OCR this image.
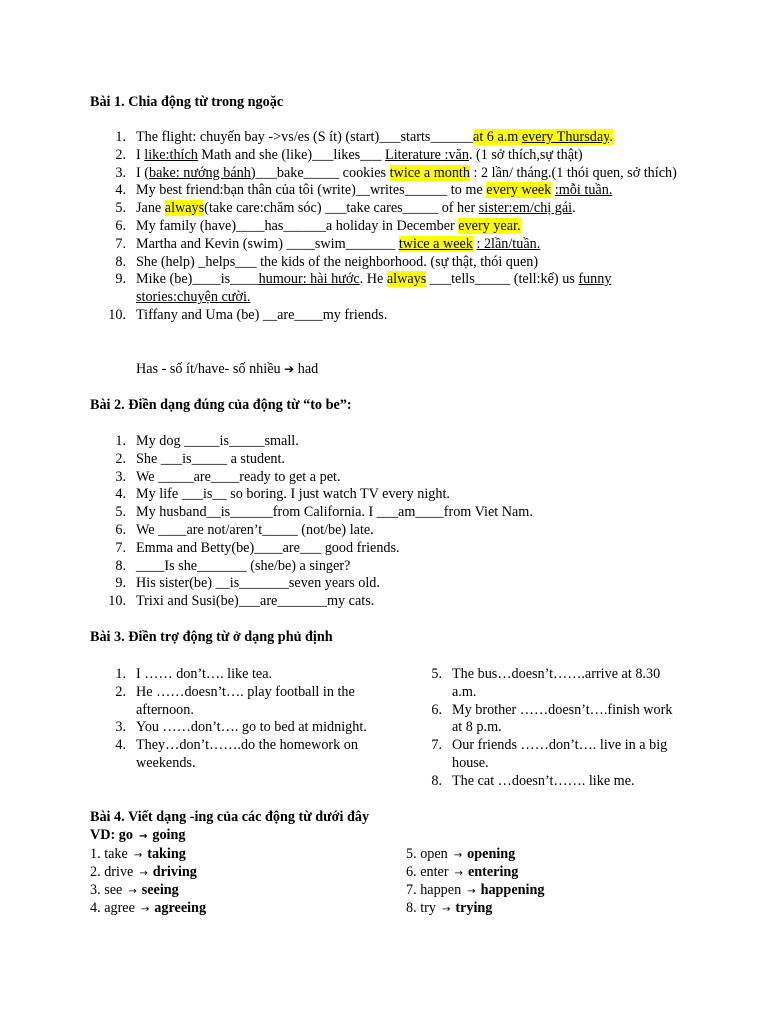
Bài 1. Chia động từ trong ngoặc
1. The flight: chuyến bay ->vs/es (S ít) (start)___starts______at 6 a.m every Thursday.
2. I like:thích Math and she (like)___likes___ Literature :văn. (1 sở thích,sự thật)
3. I (bake: nướng bánh)___bake_____ cookies twice a month : 2 lần/ tháng.(1 thói quen, sở thích)
4. My best friend:bạn thân của tôi (write)__writes______ to me every week :mỗi tuần.
5. Jane always(take care:chăm sóc) ___take cares_____ of her sister:em/chị gái.
6. My family (have)____has______a holiday in December every year.
7. Martha and Kevin (swim) ____swim_______ twice a week : 2lần/tuần.
8. She (help) _helps___ the kids of the neighborhood. (sự thật, thói quen)
9. Mike (be)____is____humour: hài hước. He always ___tells_____ (tell:kể) us funny stories:chuyện cười.
10. Tiffany and Uma (be) __are____my friends.
Has - số ít/have- số nhiều ➔ had
Bài 2. Điền dạng đúng của động từ “to be”:
1. My dog _____is_____small.
2. She ___is_____ a student.
3. We _____are____ready to get a pet.
4. My life ___is__ so boring. I just watch TV every night.
5. My husband__is______from California. I ___am____from Viet Nam.
6. We ____are not/aren’t_____ (not/be) late.
7. Emma and Betty(be)____are___ good friends.
8. ____Is she_______ (she/be) a singer?
9. His sister(be) __is_______seven years old.
10. Trixi and Susi(be)___are_______my cats.
Bài 3. Điền trợ động từ ở dạng phủ định
1. I …… don’t…. like tea.
2. He ……doesn’t…. play football in the afternoon.
3. You ……don’t…. go to bed at midnight.
4. They…don’t…….do the homework on weekends.
5. The bus…doesn’t…….arrive at 8.30 a.m.
6. My brother ……doesn’t….finish work at 8 p.m.
7. Our friends ……don’t…. live in a big house.
8. The cat …doesn’t……. like me.
Bài 4. Viết dạng -ing của các động từ dưới đây
VD: go → going
1. take → taking
2. drive → driving
3. see → seeing
4. agree → agreeing
5. open → opening
6. enter → entering
7. happen → happening
8. try → trying
